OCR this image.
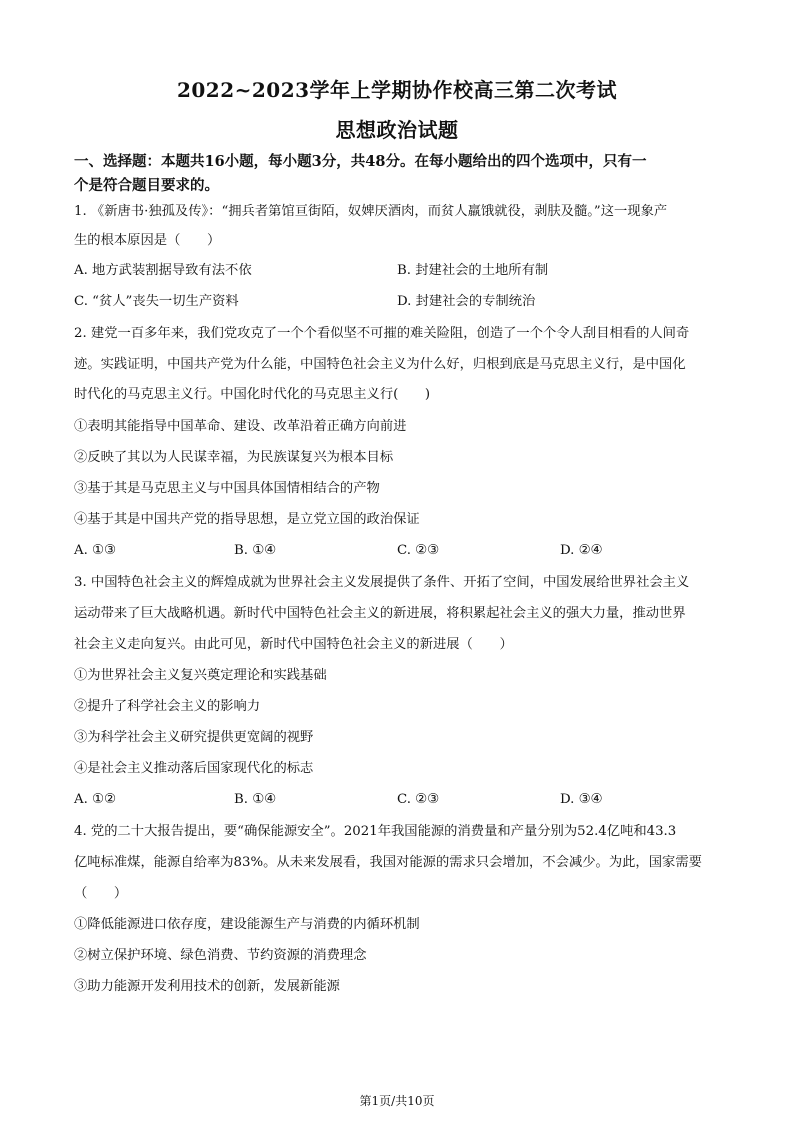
2022~2023学年上学期协作校高三第二次考试
思想政治试题
一、选择题：本题共16小题，每小题3分，共48分。在每小题给出的四个选项中，只有一
个是符合题目要求的。
1. 《新唐书·独孤及传》：“拥兵者第馆亘街陌，奴婢厌酒肉，而贫人羸饿就役，剥肤及髓。”这一现象产
生的根本原因是（　　）
A. 地方武装割据导致有法不依	B. 封建社会的土地所有制
C. “贫人”丧失一切生产资料	D. 封建社会的专制统治
2. 建党一百多年来，我们党攻克了一个个看似坚不可摧的难关险阻，创造了一个个令人刮目相看的人间奇
迹。实践证明，中国共产党为什么能，中国特色社会主义为什么好，归根到底是马克思主义行，是中国化
时代化的马克思主义行。中国化时代化的马克思主义行(　　)
①表明其能指导中国革命、建设、改革沿着正确方向前进
②反映了其以为人民谋幸福，为民族谋复兴为根本目标
③基于其是马克思主义与中国具体国情相结合的产物
④基于其是中国共产党的指导思想，是立党立国的政治保证
A. ①③	B. ①④	C. ②③	D. ②④
3. 中国特色社会主义的辉煌成就为世界社会主义发展提供了条件、开拓了空间，中国发展给世界社会主义
运动带来了巨大战略机遇。新时代中国特色社会主义的新进展，将积累起社会主义的强大力量，推动世界
社会主义走向复兴。由此可见，新时代中国特色社会主义的新进展（　　）
①为世界社会主义复兴奠定理论和实践基础
②提升了科学社会主义的影响力
③为科学社会主义研究提供更宽阔的视野
④是社会主义推动落后国家现代化的标志
A. ①②	B. ①④	C. ②③	D. ③④
4. 党的二十大报告提出，要“确保能源安全”。2021年我国能源的消费量和产量分别为52.4亿吨和43.3
亿吨标准煤，能源自给率为83%。从未来发展看，我国对能源的需求只会增加，不会减少。为此，国家需要
（　　）
①降低能源进口依存度，建设能源生产与消费的内循环机制
②树立保护环境、绿色消费、节约资源的消费理念
③助力能源开发利用技术的创新，发展新能源
第1页/共10页
